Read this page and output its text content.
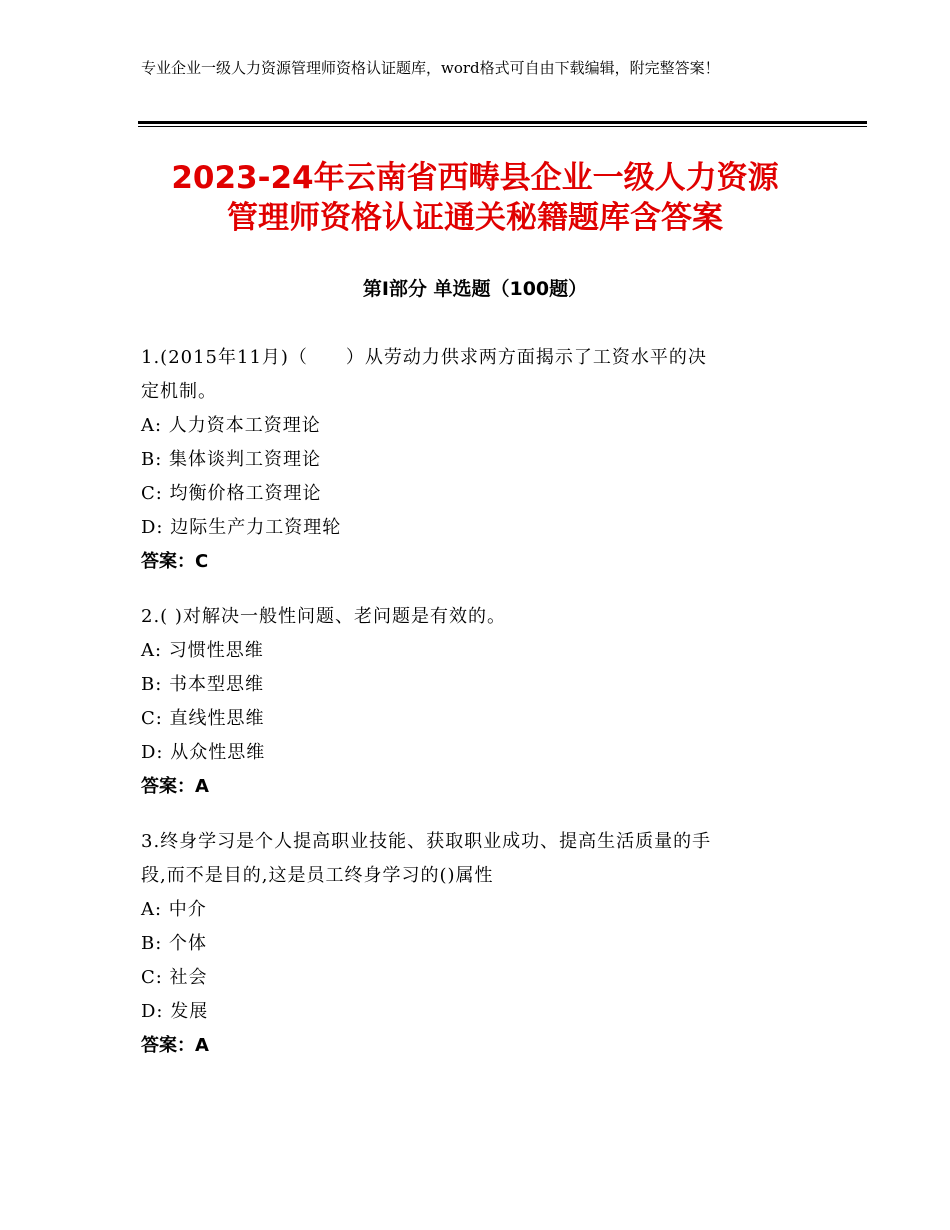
专业企业一级人力资源管理师资格认证题库，word格式可自由下载编辑，附完整答案！
2023-24年云南省西畴县企业一级人力资源
管理师资格认证通关秘籍题库含答案
第Ⅰ部分 单选题（100题）

1.(2015年11月)（　　）从劳动力供求两方面揭示了工资水平的决

定机制。

A: 人力资本工资理论

B: 集体谈判工资理论

C: 均衡价格工资理论

D: 边际生产力工资理轮

答案：C

2.( )对解决一般性问题、老问题是有效的。

A: 习惯性思维

B: 书本型思维

C: 直线性思维

D: 从众性思维

答案：A

3.终身学习是个人提高职业技能、获取职业成功、提高生活质量的手

段,而不是目的,这是员工终身学习的()属性

A: 中介

B: 个体

C: 社会

D: 发展

答案：A
